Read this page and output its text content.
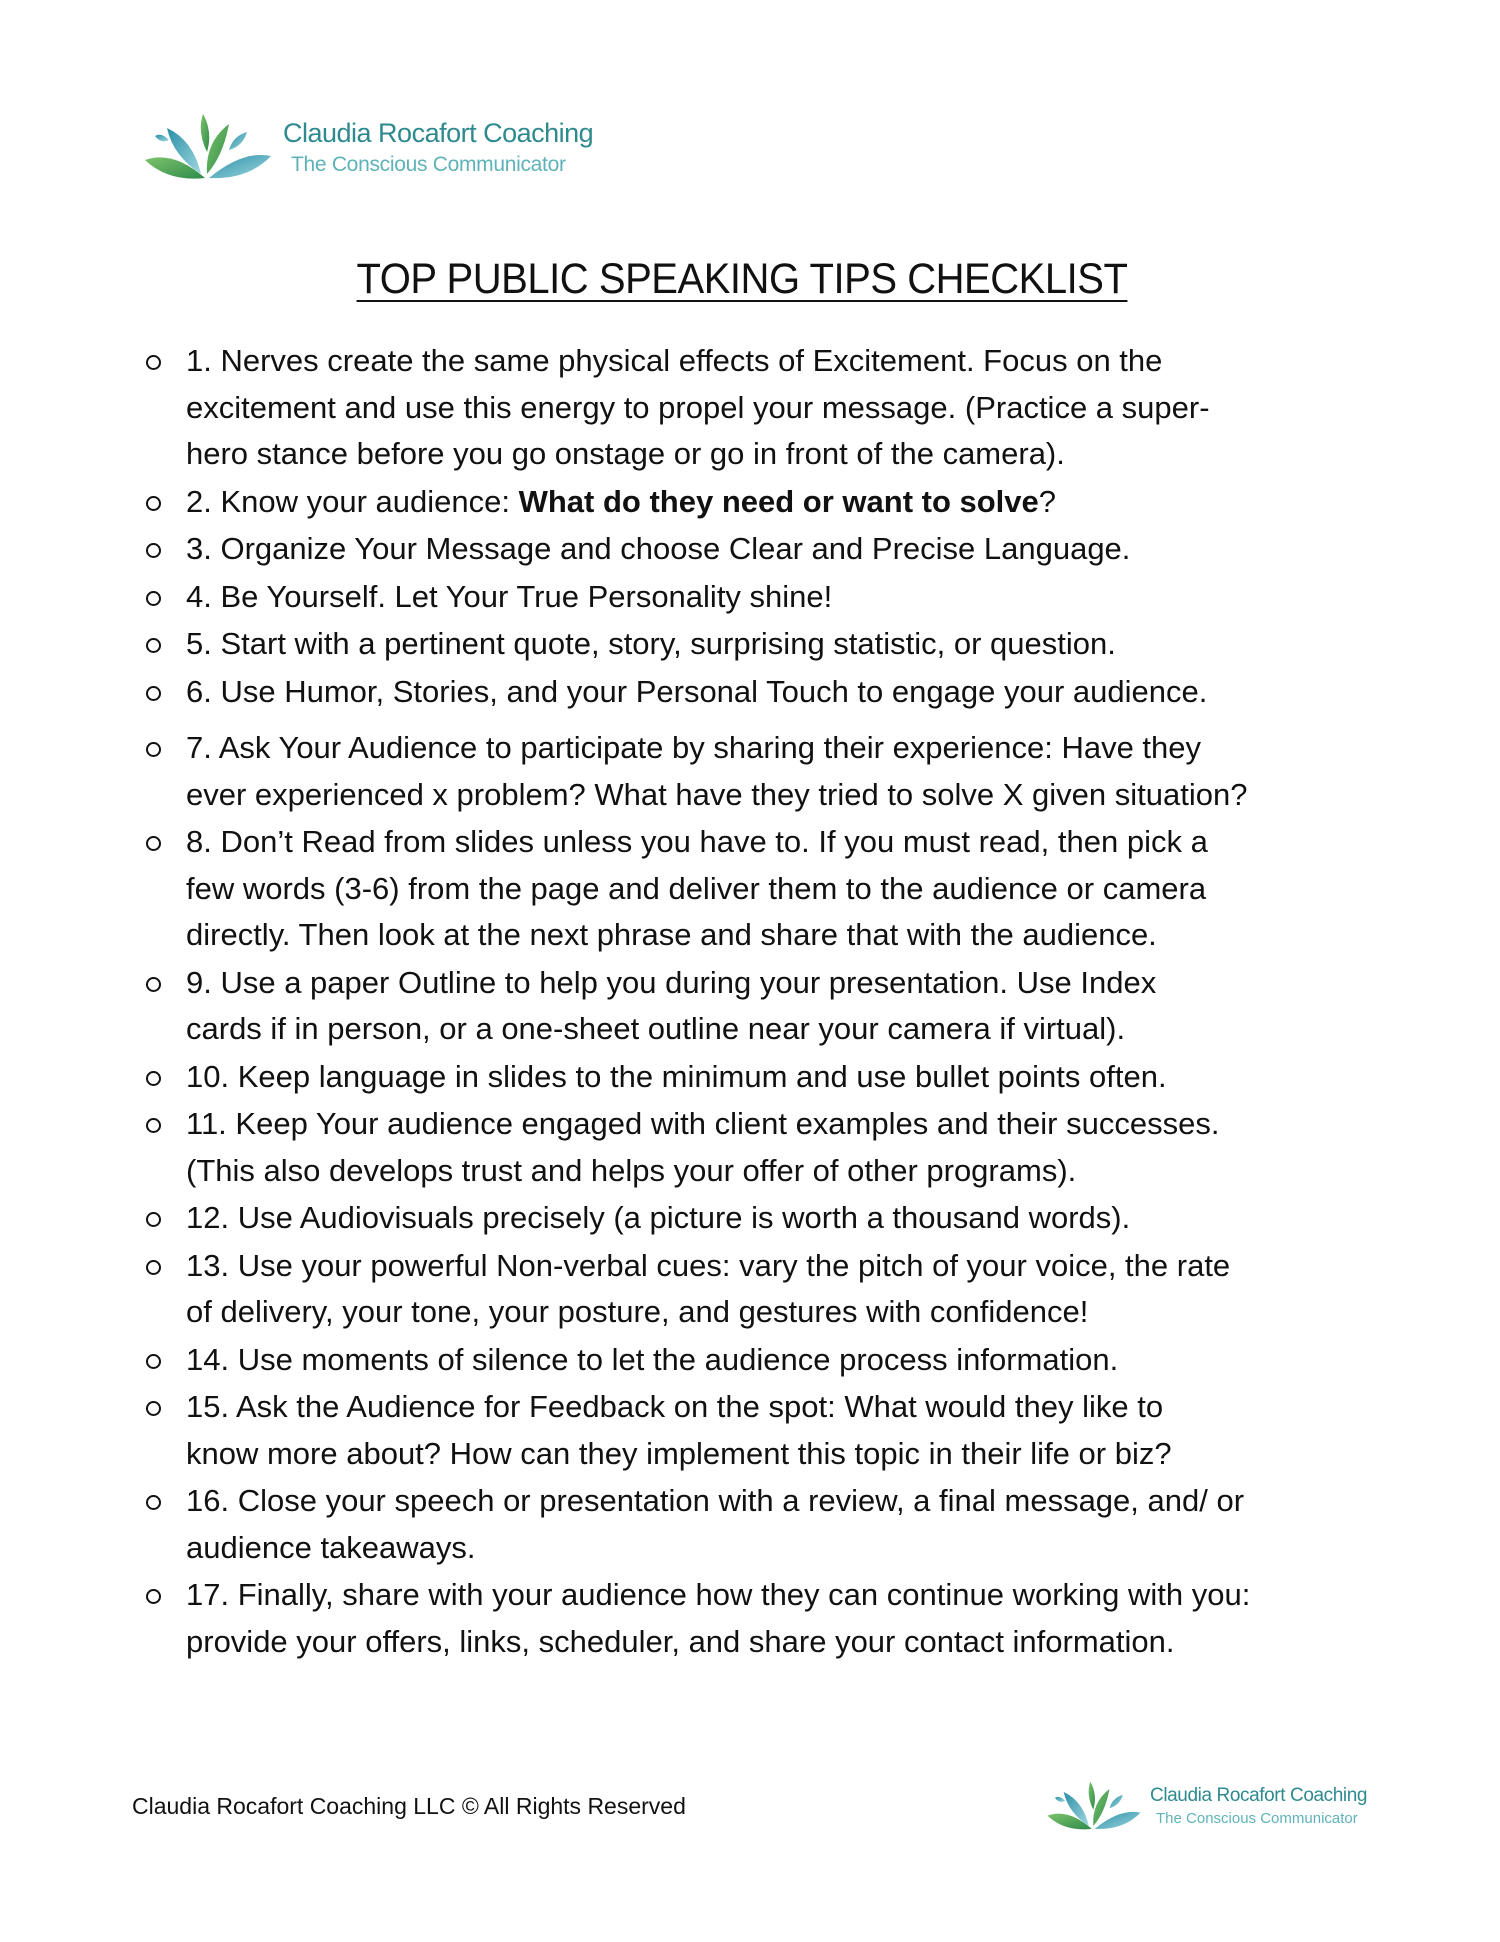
Claudia Rocafort Coaching
The Conscious Communicator
TOP PUBLIC SPEAKING TIPS CHECKLIST
1. Nerves create the same physical effects of Excitement. Focus on the
excitement and use this energy to propel your message. (Practice a super-
hero stance before you go onstage or go in front of the camera).
2. Know your audience: What do they need or want to solve?
3. Organize Your Message and choose Clear and Precise Language.
4. Be Yourself. Let Your True Personality shine!
5. Start with a pertinent quote, story, surprising statistic, or question.
6. Use Humor, Stories, and your Personal Touch to engage your audience.
7. Ask Your Audience to participate by sharing their experience: Have they
ever experienced x problem? What have they tried to solve X given situation?
8. Don’t Read from slides unless you have to. If you must read, then pick a
few words (3-6) from the page and deliver them to the audience or camera
directly. Then look at the next phrase and share that with the audience.
9. Use a paper Outline to help you during your presentation. Use Index
cards if in person, or a one-sheet outline near your camera if virtual).
10. Keep language in slides to the minimum and use bullet points often.
11. Keep Your audience engaged with client examples and their successes.
(This also develops trust and helps your offer of other programs).
12. Use Audiovisuals precisely (a picture is worth a thousand words).
13. Use your powerful Non-verbal cues: vary the pitch of your voice, the rate
of delivery, your tone, your posture, and gestures with confidence!
14. Use moments of silence to let the audience process information.
15. Ask the Audience for Feedback on the spot: What would they like to
know more about? How can they implement this topic in their life or biz?
16. Close your speech or presentation with a review, a final message, and/ or
audience takeaways.
17. Finally, share with your audience how they can continue working with you:
provide your offers, links, scheduler, and share your contact information.
Claudia Rocafort Coaching LLC © All Rights Reserved	Claudia Rocafort Coaching
The Conscious Communicator
